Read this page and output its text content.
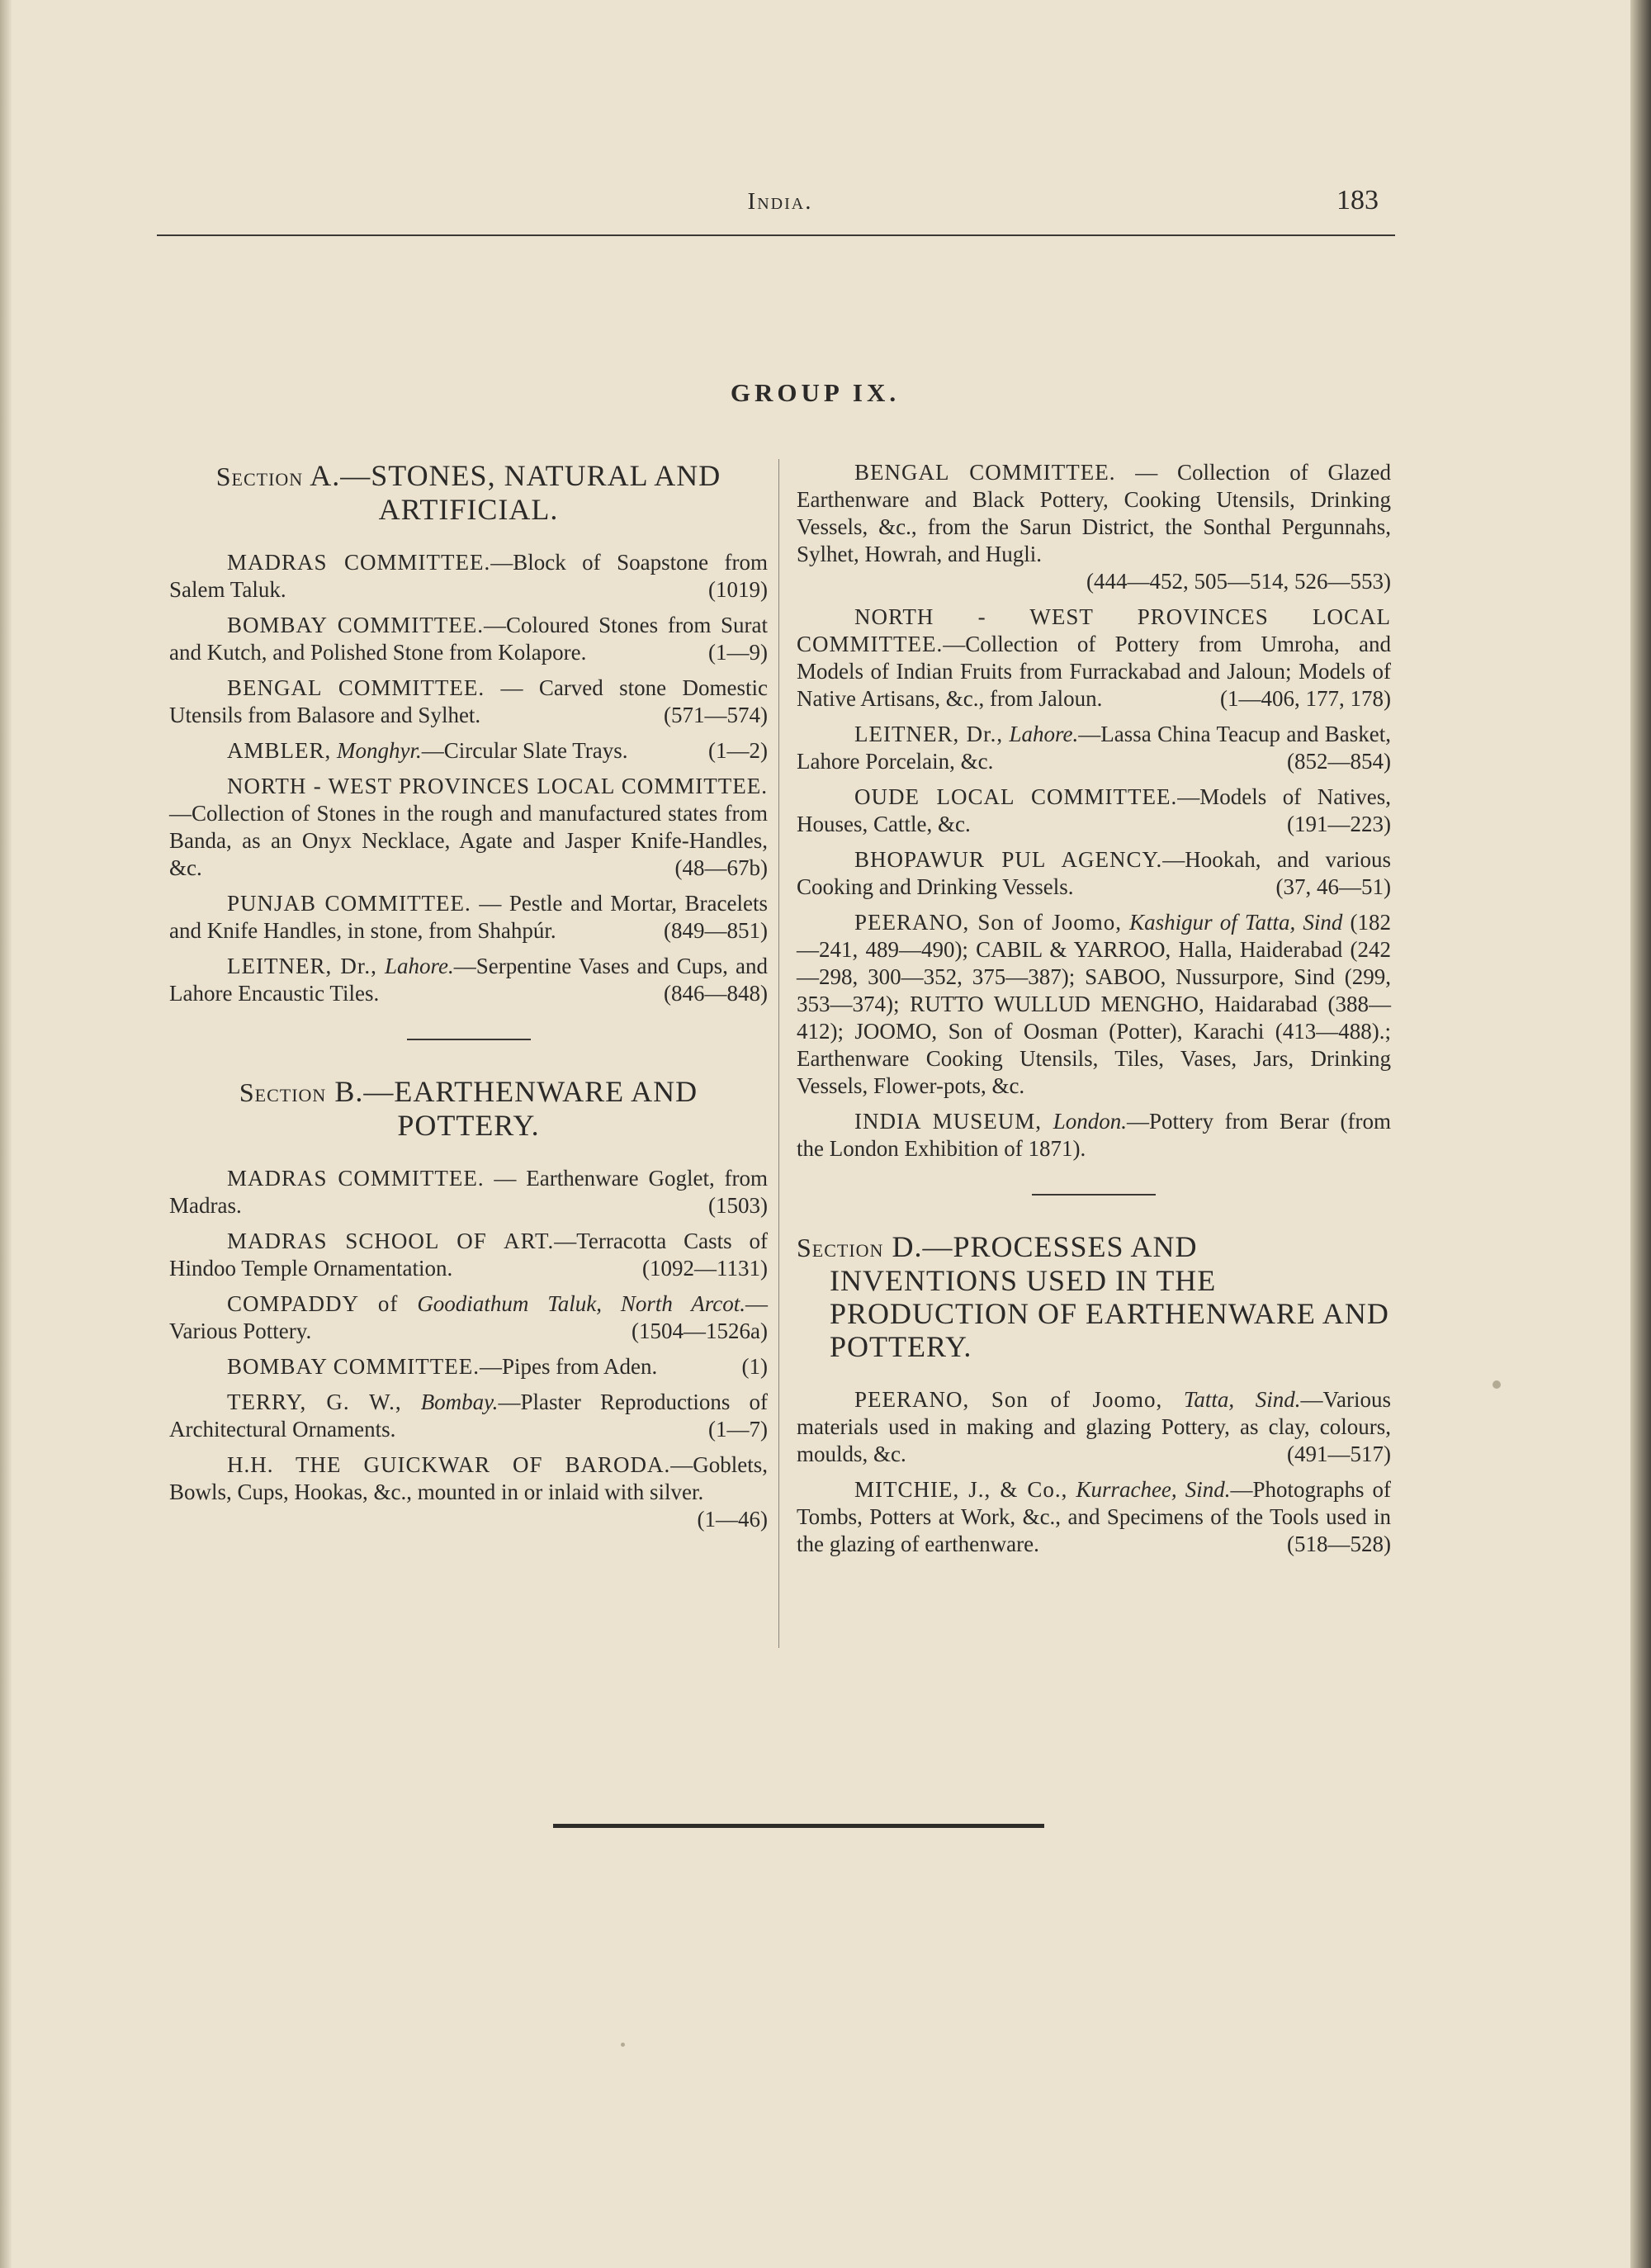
India.	183
GROUP IX.
Section A.—STONES, NATURAL AND ARTIFICIAL.

MADRAS COMMITTEE.—Block of Soapstone from Salem Taluk.	(1019)

BOMBAY COMMITTEE.—Coloured Stones from Surat and Kutch, and Polished Stone from Kolapore.	(1—9)

BENGAL COMMITTEE. — Carved stone Domestic Utensils from Balasore and Sylhet.	(571—574)

AMBLER, Monghyr.—Circular Slate Trays.	(1—2)

NORTH - WEST PROVINCES LOCAL COMMITTEE.—Collection of Stones in the rough and manufactured states from Banda, as an Onyx Necklace, Agate and Jasper Knife-Handles, &c.	(48—67b)

PUNJAB COMMITTEE. — Pestle and Mortar, Bracelets and Knife Handles, in stone, from Shahpúr.	(849—851)

LEITNER, Dr., Lahore.—Serpentine Vases and Cups, and Lahore Encaustic Tiles.	(846—848)

Section B.—EARTHENWARE AND POTTERY.

MADRAS COMMITTEE. — Earthenware Goglet, from Madras.	(1503)

MADRAS SCHOOL OF ART.—Terracotta Casts of Hindoo Temple Ornamentation.	(1092—1131)

COMPADDY of Goodiathum Taluk, North Arcot.—Various Pottery.	(1504—1526a)

BOMBAY COMMITTEE.—Pipes from Aden.	(1)

TERRY, G. W., Bombay.—Plaster Reproductions of Architectural Ornaments.	(1—7)

H.H. THE GUICKWAR OF BARODA.—Goblets, Bowls, Cups, Hookas, &c., mounted in or inlaid with silver.
(1—46)

BENGAL COMMITTEE. — Collection of Glazed Earthenware and Black Pottery, Cooking Utensils, Drinking Vessels, &c., from the Sarun District, the Sonthal Pergunnahs, Sylhet, Howrah, and Hugli.
(444—452, 505—514, 526—553)

NORTH - WEST PROVINCES LOCAL COMMITTEE.—Collection of Pottery from Umroha, and Models of Indian Fruits from Furrackabad and Jaloun; Models of Native Artisans, &c., from Jaloun.	(1—406, 177, 178)

LEITNER, Dr., Lahore.—Lassa China Teacup and Basket, Lahore Porcelain, &c.	(852—854)

OUDE LOCAL COMMITTEE.—Models of Natives, Houses, Cattle, &c.	(191—223)

BHOPAWUR PUL AGENCY.—Hookah, and various Cooking and Drinking Vessels.	(37, 46—51)

PEERANO, Son of Joomo, Kashigur of Tatta, Sind (182—241, 489—490); CABIL & YARROO, Halla, Haiderabad (242—298, 300—352, 375—387); SABOO, Nussurpore, Sind (299, 353—374); RUTTO WULLUD MENGHO, Haidarabad (388—412); JOOMO, Son of Oosman (Potter), Karachi (413—488).; Earthenware Cooking Utensils, Tiles, Vases, Jars, Drinking Vessels, Flower-pots, &c.

INDIA MUSEUM, London.—Pottery from Berar (from the London Exhibition of 1871).

Section D.—PROCESSES AND INVENTIONS USED IN THE PRODUCTION OF EARTHENWARE AND POTTERY.

PEERANO, Son of Joomo, Tatta, Sind.—Various materials used in making and glazing Pottery, as clay, colours, moulds, &c.	(491—517)

MITCHIE, J., & Co., Kurrachee, Sind.—Photographs of Tombs, Potters at Work, &c., and Specimens of the Tools used in the glazing of earthenware.	(518—528)
